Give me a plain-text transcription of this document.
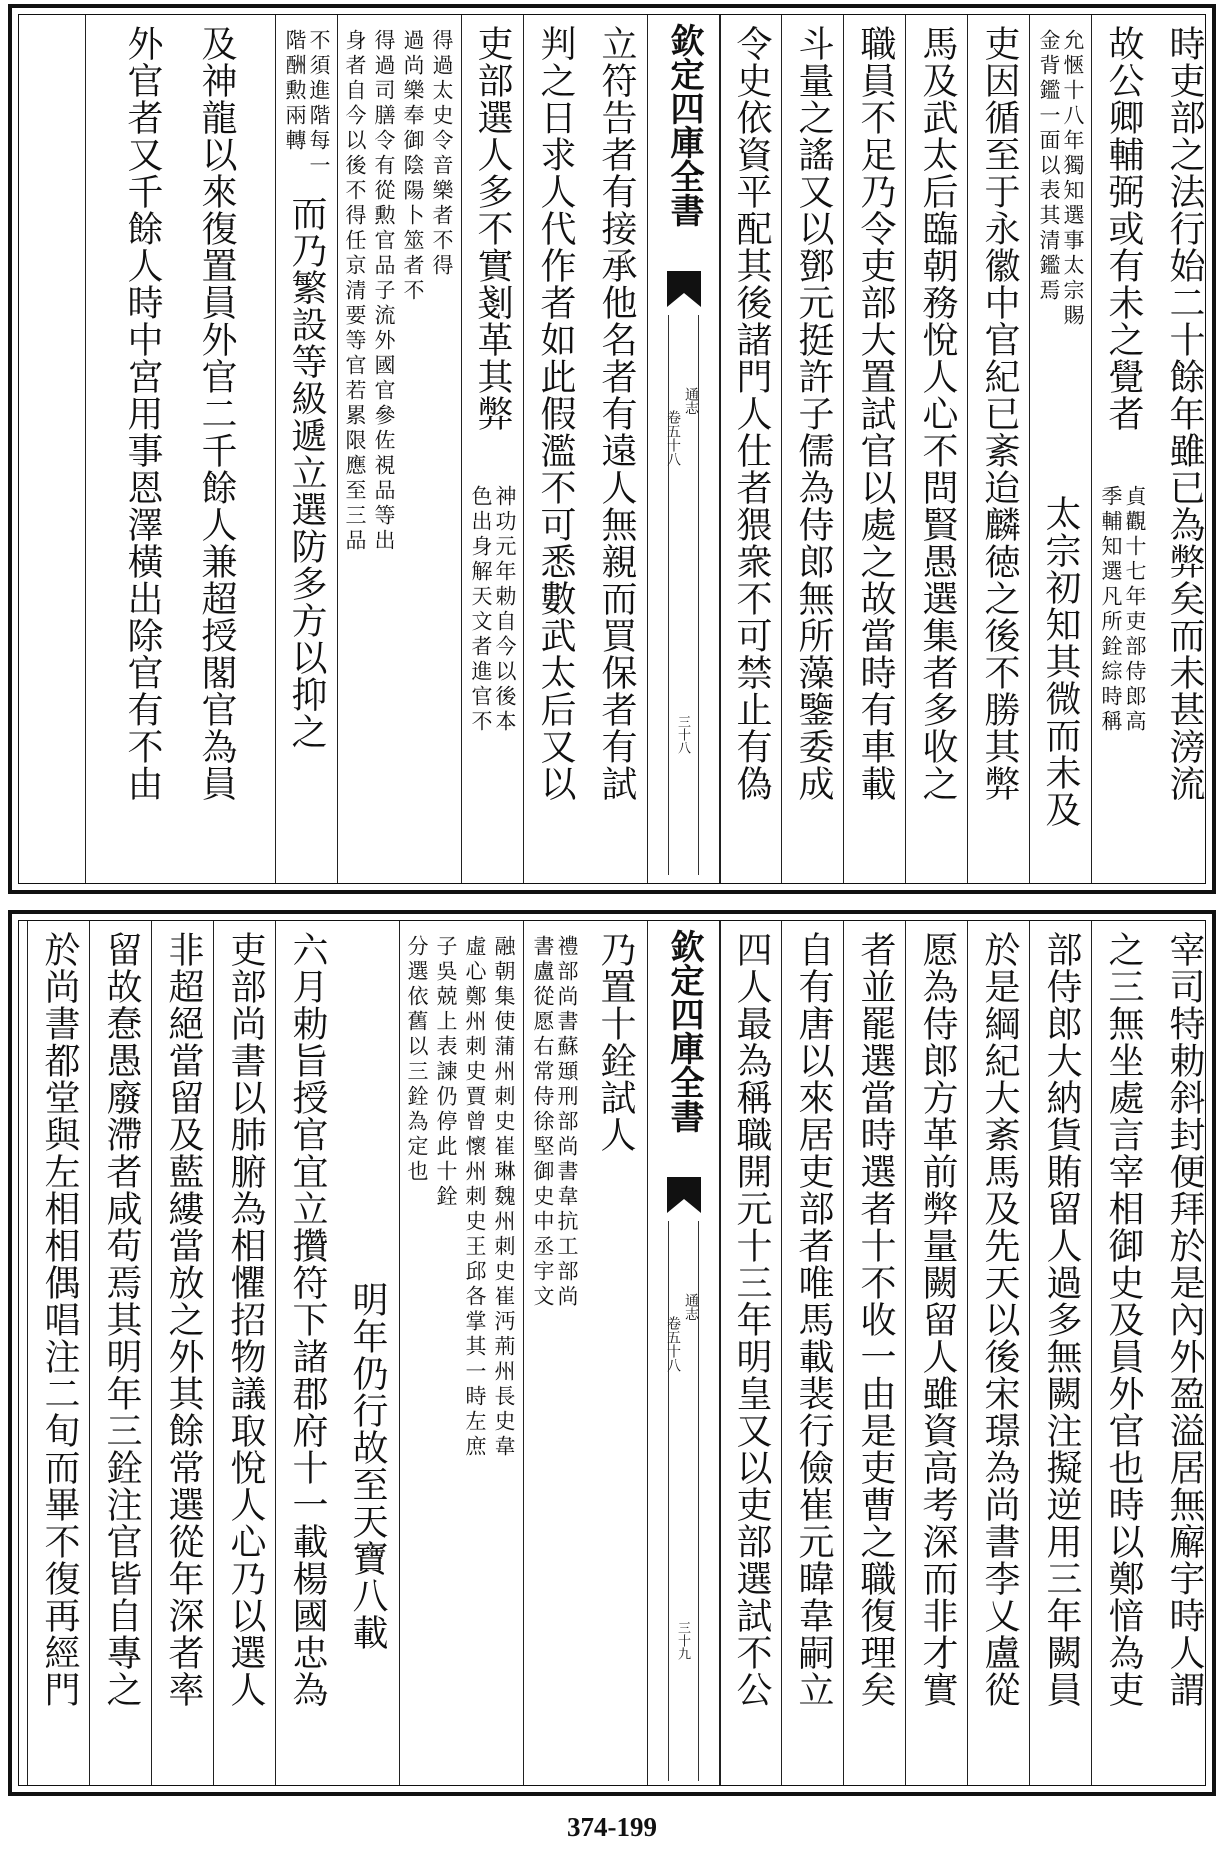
時吏部之法行始二十餘年雖已為弊矣而未甚滂流
故公卿輔弼或有未之覺者
貞觀十七年吏部侍郎高
季輔知選凡所銓綜時稱
允愜十八年獨知選事太宗賜
金背鑑一面以表其清鑑焉
太宗初知其微而未及
吏因循至于永徽中官紀已紊迨麟徳之後不勝其弊
馬及武太后臨朝務悅人心不問賢愚選集者多收之
職員不足乃令吏部大置試官以處之故當時有車載
斗量之謠又以鄧元挺許子儒為侍郎無所藻鑒委成
令史依資平配其後諸門人仕者猥衆不可禁止有偽
欽定四庫全書
通志
卷五十八
三十八
立符告者有接承他名者有遠人無親而買保者有試
判之日求人代作者如此假濫不可悉數武太后又以
吏部選人多不實剗革其弊
神功元年勅自今以後本
色出身解天文者進官不
得過太史令音樂者不得
過尚樂奉御陰陽卜筮者不
得過司膳令有從勲官品子流外國官參佐視品等出
身者自今以後不得任京清要等官若累限應至三品
不須進階每一
階酬勲兩轉
而乃繁設等級遞立選防多方以抑之
及神龍以來復置員外官二千餘人兼超授閣官為員
外官者又千餘人時中宮用事恩澤橫出除官有不由
宰司特勅斜封便拜於是內外盈溢居無廨宇時人謂
之三無坐處言宰相御史及員外官也時以鄭愔為吏
部侍郎大納貨賄留人過多無闕注擬逆用三年闕員
於是綱紀大紊馬及先天以後宋璟為尚書李乂盧從
愿為侍郎方革前弊量闕留人雖資高考深而非才實
者並罷選當時選者十不收一由是吏曹之職復理矣
自有唐以來居吏部者唯馬載裴行儉崔元暐韋嗣立
四人最為稱職開元十三年明皇又以吏部選試不公
欽定四庫全書
通志
卷五十八
三十九
乃置十銓試人
禮部尚書蘇頲刑部尚書韋抗工部尚
書盧從愿右常侍徐堅御史中丞宇文
融朝集使蒲州刺史崔琳魏州刺史崔沔荊州長史韋
虛心鄭州刺史賈曾懷州刺史王邱各掌其一時左庶
子吳兢上表諫仍停此十銓
分選依舊以三銓為定也
明年仍行故至天寶八載
六月勅旨授官宜立攢符下諸郡府十一載楊國忠為
吏部尚書以肺腑為相懼招物議取悅人心乃以選人
非超絕當留及藍縷當放之外其餘常選從年深者率
留故惷愚廢滯者咸苟焉其明年三銓注官皆自專之
於尚書都堂與左相相偶唱注二旬而畢不復再經門
374-199
